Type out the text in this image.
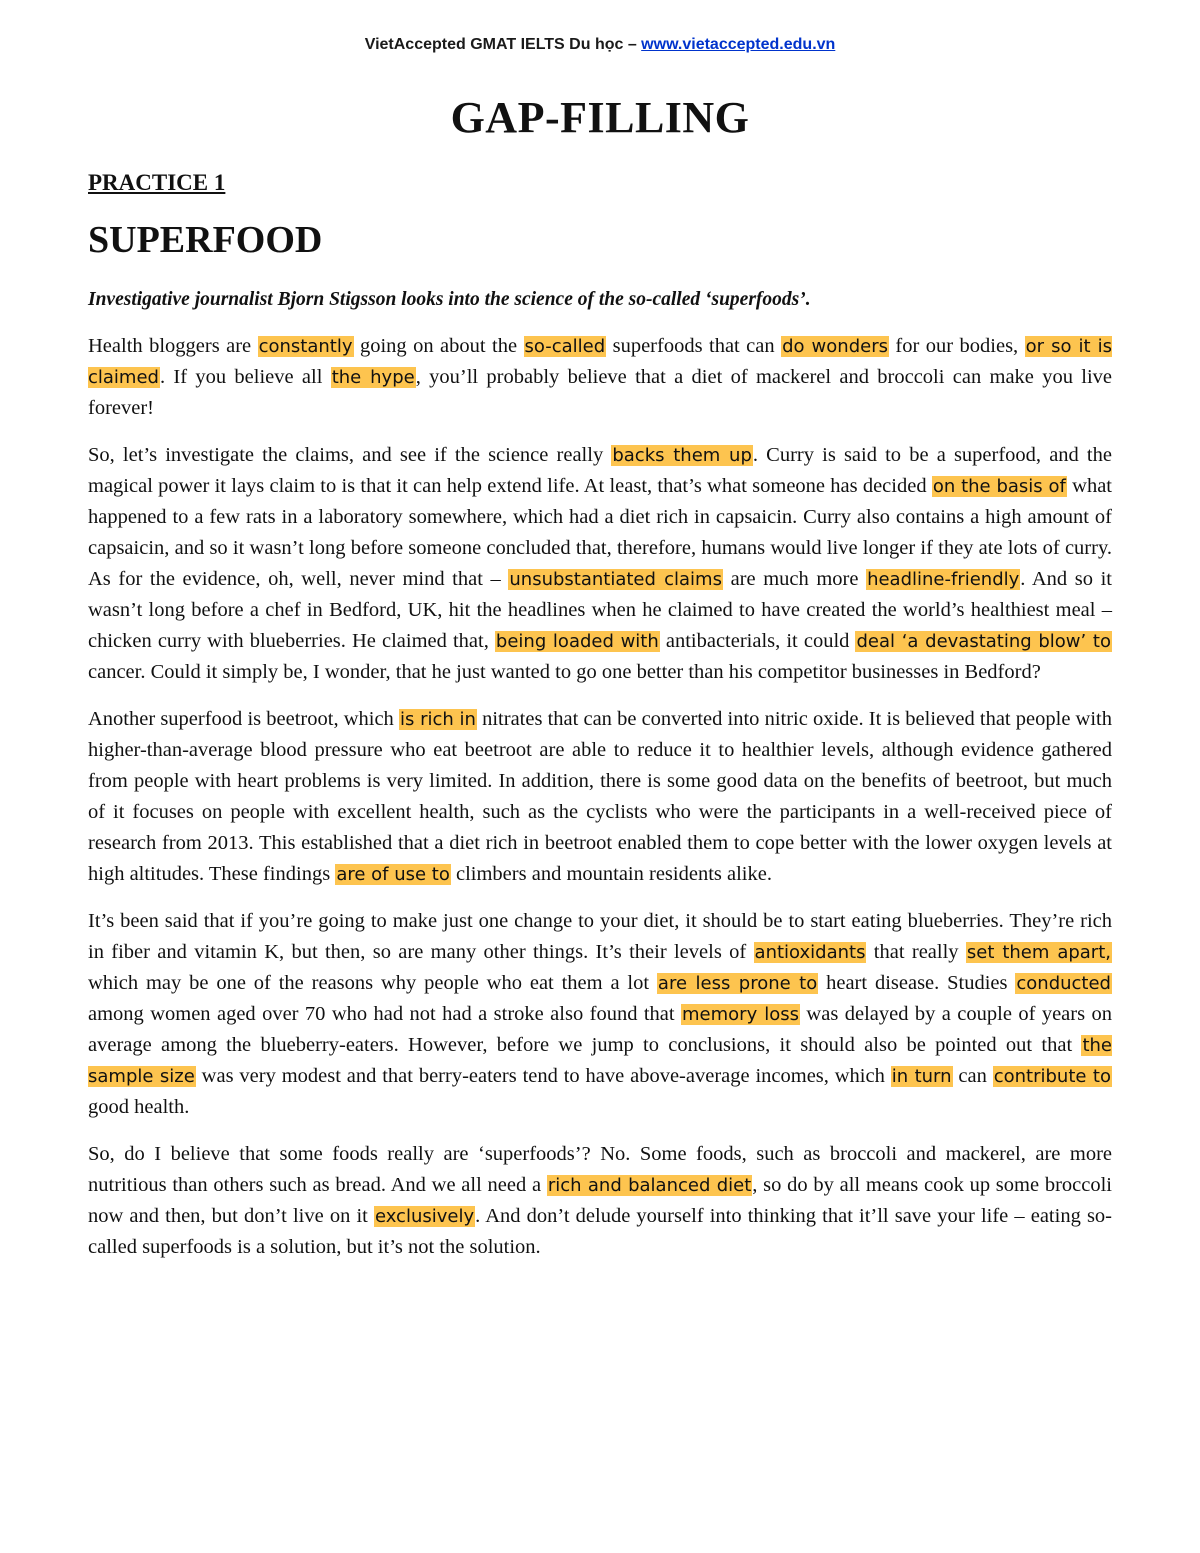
VietAccepted GMAT IELTS Du học – www.vietaccepted.edu.vn
GAP-FILLING
PRACTICE 1
SUPERFOOD

Investigative journalist Bjorn Stigsson looks into the science of the so-called ‘superfoods’.

Health bloggers are constantly going on about the so-called superfoods that can do wonders for our bodies, or so it is claimed. If you believe all the hype, you’ll probably believe that a diet of mackerel and broccoli can make you live forever!

So, let’s investigate the claims, and see if the science really backs them up. Curry is said to be a superfood, and the magical power it lays claim to is that it can help extend life. At least, that’s what someone has decided on the basis of what happened to a few rats in a laboratory somewhere, which had a diet rich in capsaicin. Curry also contains a high amount of capsaicin, and so it wasn’t long before someone concluded that, therefore, humans would live longer if they ate lots of curry. As for the evidence, oh, well, never mind that – unsubstantiated claims are much more headline-friendly. And so it wasn’t long before a chef in Bedford, UK, hit the headlines when he claimed to have created the world’s healthiest meal – chicken curry with blueberries. He claimed that, being loaded with antibacterials, it could deal ‘a devastating blow’ to cancer. Could it simply be, I wonder, that he just wanted to go one better than his competitor businesses in Bedford?

Another superfood is beetroot, which is rich in nitrates that can be converted into nitric oxide. It is believed that people with higher-than-average blood pressure who eat beetroot are able to reduce it to healthier levels, although evidence gathered from people with heart problems is very limited. In addition, there is some good data on the benefits of beetroot, but much of it focuses on people with excellent health, such as the cyclists who were the participants in a well-received piece of research from 2013. This established that a diet rich in beetroot enabled them to cope better with the lower oxygen levels at high altitudes. These findings are of use to climbers and mountain residents alike.

It’s been said that if you’re going to make just one change to your diet, it should be to start eating blueberries. They’re rich in fiber and vitamin K, but then, so are many other things. It’s their levels of antioxidants that really set them apart, which may be one of the reasons why people who eat them a lot are less prone to heart disease. Studies conducted among women aged over 70 who had not had a stroke also found that memory loss was delayed by a couple of years on average among the blueberry-eaters. However, before we jump to conclusions, it should also be pointed out that the sample size was very modest and that berry-eaters tend to have above-average incomes, which in turn can contribute to good health.

So, do I believe that some foods really are ‘superfoods’? No. Some foods, such as broccoli and mackerel, are more nutritious than others such as bread. And we all need a rich and balanced diet, so do by all means cook up some broccoli now and then, but don’t live on it exclusively. And don’t delude yourself into thinking that it’ll save your life – eating so-called superfoods is a solution, but it’s not the solution.
